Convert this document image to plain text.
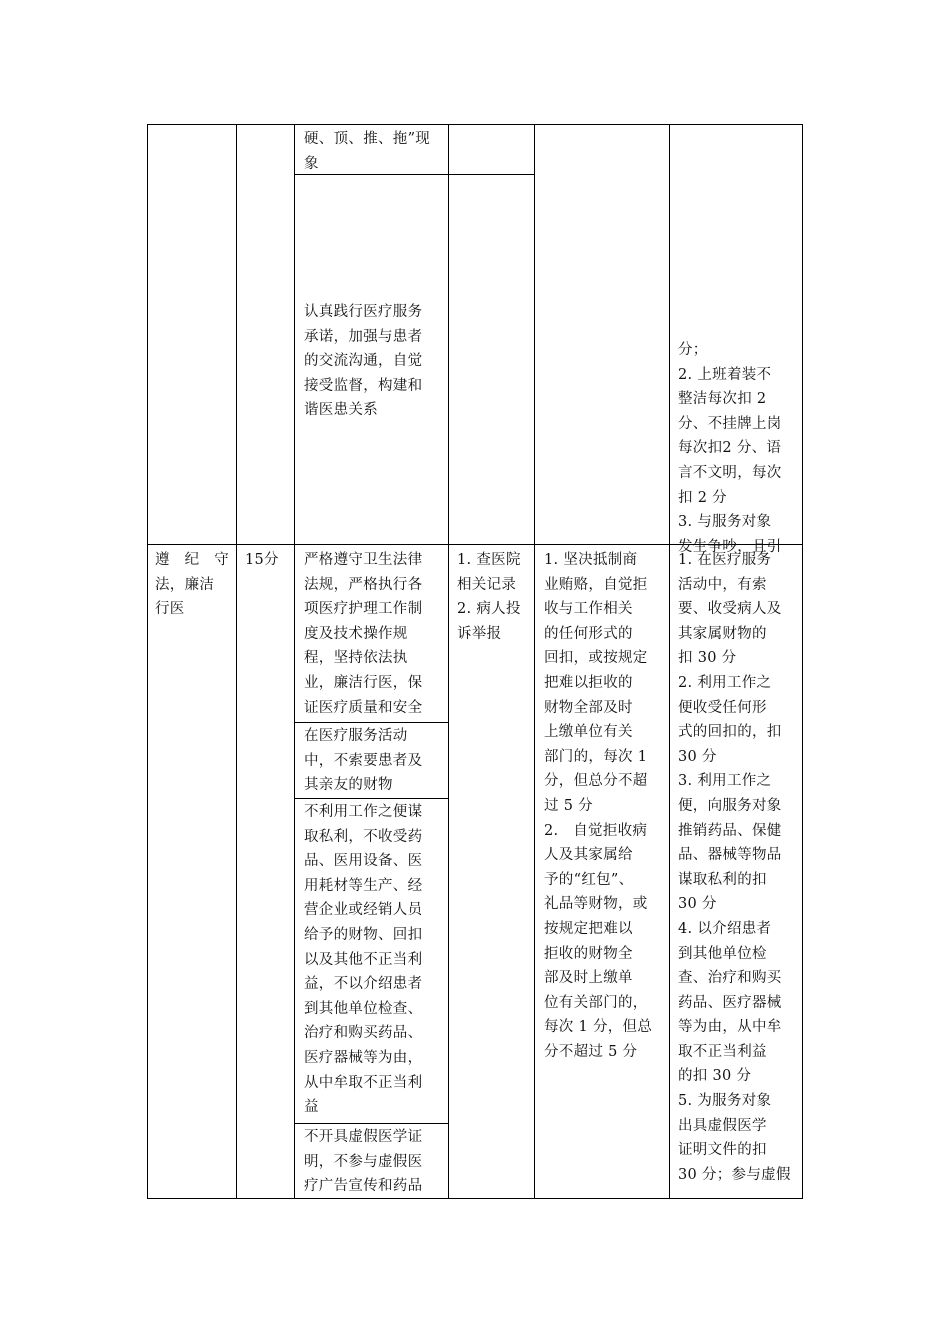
硬、顶、推、拖”现
象
认真践行医疗服务
承诺，加强与患者
的交流沟通，自觉
接受监督，构建和
谐医患关系
分；
2. 上班着装不
整洁每次扣 2
分、不挂牌上岗
每次扣2 分、语
言不文明，每次
扣 2 分
3. 与服务对象
发生争吵，且引
遵　纪　守
法，廉洁
行医
15分	严格遵守卫生法律
法规，严格执行各
项医疗护理工作制
度及技术操作规
程，坚持依法执
业，廉洁行医，保
证医疗质量和安全
在医疗服务活动
中，不索要患者及
其亲友的财物
不利用工作之便谋
取私利，不收受药
品、医用设备、医
用耗材等生产、经
营企业或经销人员
给予的财物、回扣
以及其他不正当利
益，不以介绍患者
到其他单位检查、
治疗和购买药品、
医疗器械等为由，
从中牟取不正当利
益
不开具虚假医学证
明，不参与虚假医
疗广告宣传和药品
1. 查医院
相关记录
2. 病人投
诉举报
1. 坚决抵制商
业贿赂，自觉拒
收与工作相关
的任何形式的
回扣，或按规定
把难以拒收的
财物全部及时
上缴单位有关
部门的，每次 1
分，但总分不超
过 5 分
2.　自觉拒收病
人及其家属给
予的“红包”、
礼品等财物，或
按规定把难以
拒收的财物全
部及时上缴单
位有关部门的，
每次 1 分，但总
分不超过 5 分
1. 在医疗服务
活动中，有索
要、收受病人及
其家属财物的
扣 30 分
2. 利用工作之
便收受任何形
式的回扣的，扣
30 分
3. 利用工作之
便，向服务对象
推销药品、保健
品、器械等物品
谋取私利的扣
30 分
4. 以介绍患者
到其他单位检
查、治疗和购买
药品、医疗器械
等为由，从中牟
取不正当利益
的扣 30 分
5. 为服务对象
出具虚假医学
证明文件的扣
30 分；参与虚假
